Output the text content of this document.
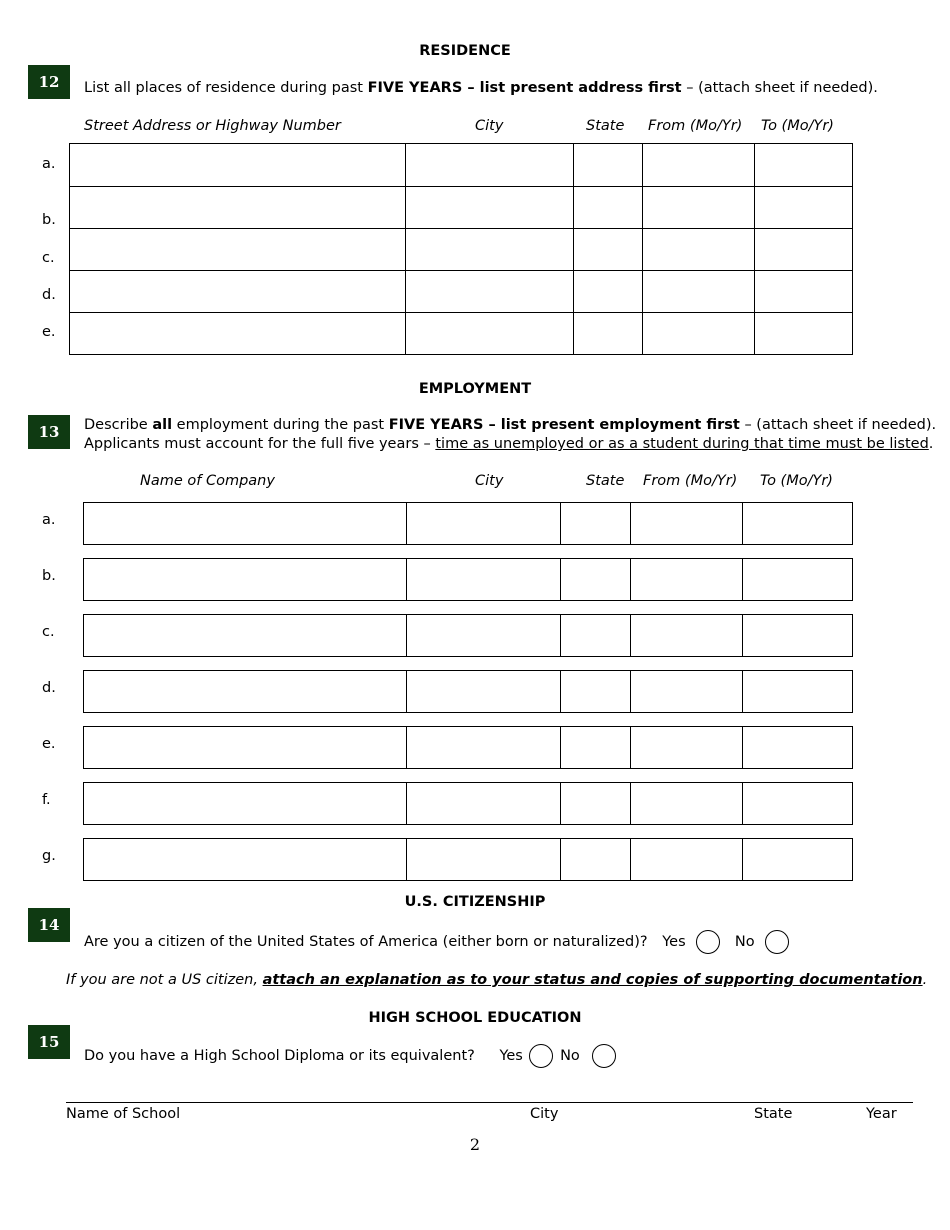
RESIDENCE
12	List all places of residence during past FIVE YEARS – list present address first – (attach sheet if needed).
Street Address or Highway Number	City	State From (Mo/Yr) To (Mo/Yr)
a.
b.
c.
d.
e.
EMPLOYMENT
13	Describe all employment during the past FIVE YEARS – list present employment first – (attach sheet if needed).
Applicants must account for the full five years – time as unemployed or as a student during that time must be listed.
Name of Company	City	State From (Mo/Yr) To (Mo/Yr)
a.
b.
c.
d.
e.
f.
g.
U.S. CITIZENSHIP
14
Are you a citizen of the United States of America (either born or naturalized)? Yes	No
If you are not a US citizen, attach an explanation as to your status and copies of supporting documentation.
HIGH SCHOOL EDUCATION
15
Do you have a High School Diploma or its equivalent? Yes	No
Name of School	City	State	Year
2
